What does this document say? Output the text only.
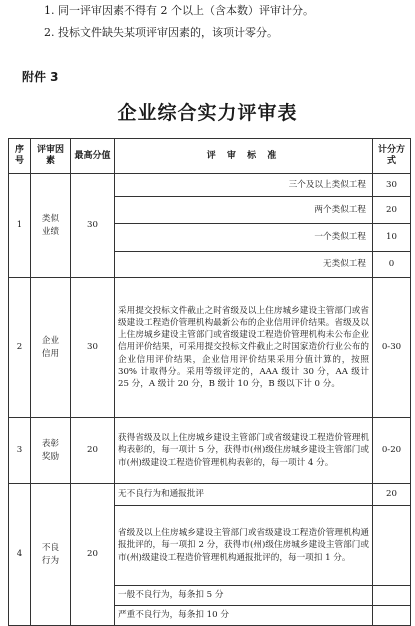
1. 同一评审因素不得有 2 个以上（含本数）评审计分。
2. 投标文件缺失某项评审因素的，该项计零分。
附件 3
企业综合实力评审表
序号	评审因素	最高分值	评 审 标 准	计分方式
1	类似业绩	30	三个及以上类似工程	30
			两个类似工程	20
			一个类似工程	10
			无类似工程	0
2	企业信用	30	采用提交投标文件截止之时省级及以上住房城乡建设主管部门或省级建设工程造价管理机构最新公布的企业信用评价结果。省级及以上住房城乡建设主管部门或省级建设工程造价管理机构未公布企业信用评价结果，可采用提交投标文件截止之时国家造价行业公布的企业信用评价结果，企业信用评价结果采用分值计算的，按照 30% 计取得分。采用等级评定的，AAA 级计 30 分，AA 级计 25 分，A 级计 20 分，B 级计 10 分，B 级以下计 0 分。	0-30
3	表彰奖励	20	获得省级及以上住房城乡建设主管部门或省级建设工程造价管理机构表彰的，每一项计 5 分，获得市(州)级住房城乡建设主管部门或市(州)级建设工程造价管理机构表彰的，每一项计 4 分。	0-20
4	不良行为	20	无不良行为和通报批评	20
			省级及以上住房城乡建设主管部门或省级建设工程造价管理机构通报批评的，每一项扣 2 分，获得市(州)级住房城乡建设主管部门或市(州)级建设工程造价管理机构通报批评的，每一项扣 1 分。	
			一般不良行为，每条扣 5 分	
			严重不良行为，每条扣 10 分	
